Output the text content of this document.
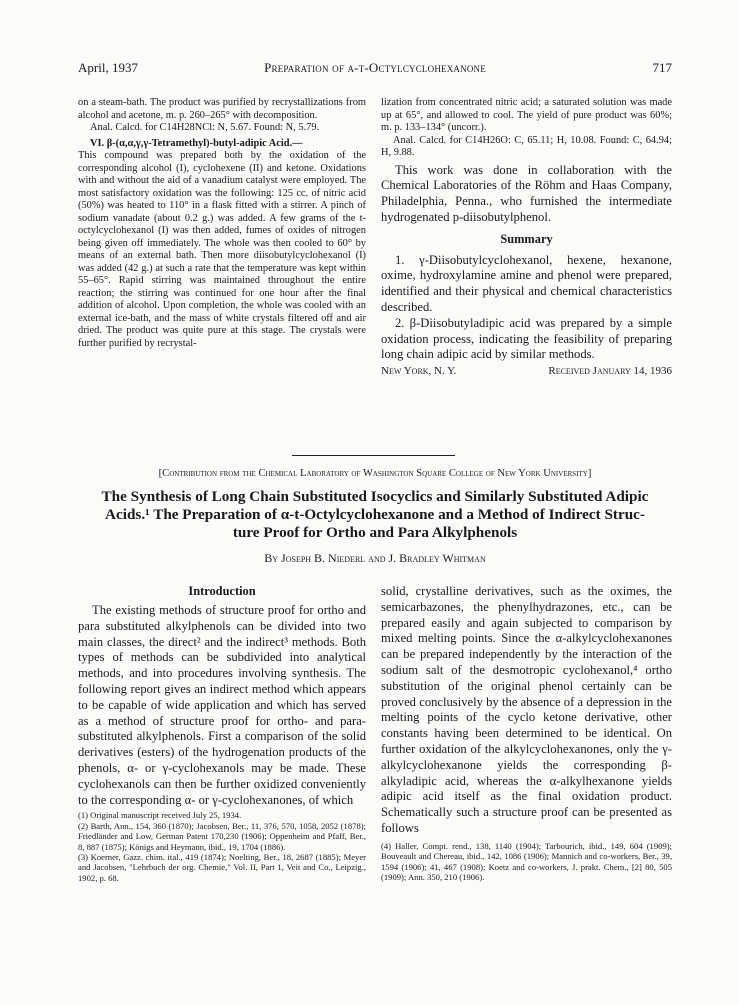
April, 1937	Preparation of α-t-Octylcyclohexanone	717

on a steam-bath. The product was purified by recrystallizations from alcohol and acetone, m. p. 260–265° with decomposition.

Anal. Calcd. for C14H28NCl: N, 5.67. Found: N, 5.79.

VI. β-(α,α,γ,γ-Tetramethyl)-butyl-adipic Acid.—

This compound was prepared both by the oxidation of the corresponding alcohol (I), cyclohexene (II) and ketone. Oxidations with and without the aid of a vanadium catalyst were employed. The most satisfactory oxidation was the following: 125 cc. of nitric acid (50%) was heated to 110° in a flask fitted with a stirrer. A pinch of sodium vanadate (about 0.2 g.) was added. A few grams of the t-octylcyclohexanol (I) was then added, fumes of oxides of nitrogen being given off immediately. The whole was then cooled to 60° by means of an external bath. Then more diisobutylcyclohexanol (I) was added (42 g.) at such a rate that the temperature was kept within 55–65°. Rapid stirring was maintained throughout the entire reaction; the stirring was continued for one hour after the final addition of alcohol. Upon completion, the whole was cooled with an external ice-bath, and the mass of white crystals filtered off and air dried. The product was quite pure at this stage. The crystals were further purified by recrystal-

lization from concentrated nitric acid; a saturated solution was made up at 65°, and allowed to cool. The yield of pure product was 60%; m. p. 133–134° (uncorr.).

Anal. Calcd. for C14H26O: C, 65.11; H, 10.08. Found: C, 64.94; H, 9.88.

This work was done in collaboration with the Chemical Laboratories of the Röhm and Haas Company, Philadelphia, Penna., who furnished the intermediate hydrogenated p-diisobutylphenol.

Summary

1. γ-Diisobutylcyclohexanol, hexene, hexanone, oxime, hydroxylamine amine and phenol were prepared, identified and their physical and chemical characteristics described.

2. β-Diisobutyladipic acid was prepared by a simple oxidation process, indicating the feasibility of preparing long chain adipic acid by similar methods.

New York, N. Y.	Received January 14, 1936
[Contribution from the Chemical Laboratory of Washington Square College of New York University]
The Synthesis of Long Chain Substituted Isocyclics and Similarly Substituted Adipic
Acids.¹ The Preparation of α-t-Octylcyclohexanone and a Method of Indirect Struc-
ture Proof for Ortho and Para Alkylphenols
By Joseph B. Niederl and J. Bradley Whitman

Introduction

The existing methods of structure proof for ortho and para substituted alkylphenols can be divided into two main classes, the direct² and the indirect³ methods. Both types of methods can be subdivided into analytical methods, and into procedures involving synthesis. The following report gives an indirect method which appears to be capable of wide application and which has served as a method of structure proof for ortho- and para-substituted alkylphenols. First a comparison of the solid derivatives (esters) of the hydrogenation products of the phenols, α- or γ-cyclohexanols may be made. These cyclohexanols can then be further oxidized conveniently to the corresponding α- or γ-cyclohexanones, of which

(1) Original manuscript received July 25, 1934.

(2) Barth, Ann., 154, 360 (1870); Jacobsen, Ber., 11, 376, 570, 1058, 2052 (1878); Friedländer and Low, German Patent 170,230 (1906); Oppenheim and Pfaff, Ber., 8, 887 (1875); Königs and Heymann, ibid., 19, 1704 (1886).

(3) Koerner, Gazz. chim. ital., 419 (1874); Noelting, Ber., 18, 2687 (1885); Meyer and Jacobsen, "Lehrbuch der org. Chemie," Vol. II, Part 1, Veit and Co., Leipzig., 1902, p. 68.

solid, crystalline derivatives, such as the oximes, the semicarbazones, the phenylhydrazones, etc., can be prepared easily and again subjected to comparison by mixed melting points. Since the α-alkylcyclohexanones can be prepared independently by the interaction of the sodium salt of the desmotropic cyclohexanol,⁴ ortho substitution of the original phenol certainly can be proved conclusively by the absence of a depression in the melting points of the cyclo ketone derivative, other constants having been determined to be identical. On further oxidation of the alkylcyclohexanones, only the γ-alkylcyclohexanone yields the corresponding β-alkyladipic acid, whereas the α-alkylhexanone yields adipic acid itself as the final oxidation product. Schematically such a structure proof can be presented as follows

(4) Haller, Compt. rend., 138, 1140 (1904); Tarbourich, ibid., 149, 604 (1909); Bouveault and Chereau, ibid., 142, 1086 (1906); Mannich and co-workers, Ber., 39, 1594 (1906); 41, 467 (1908); Koetz and co-workers, J. prakt. Chem., [2] 80, 505 (1909); Ann. 350, 210 (1906).
